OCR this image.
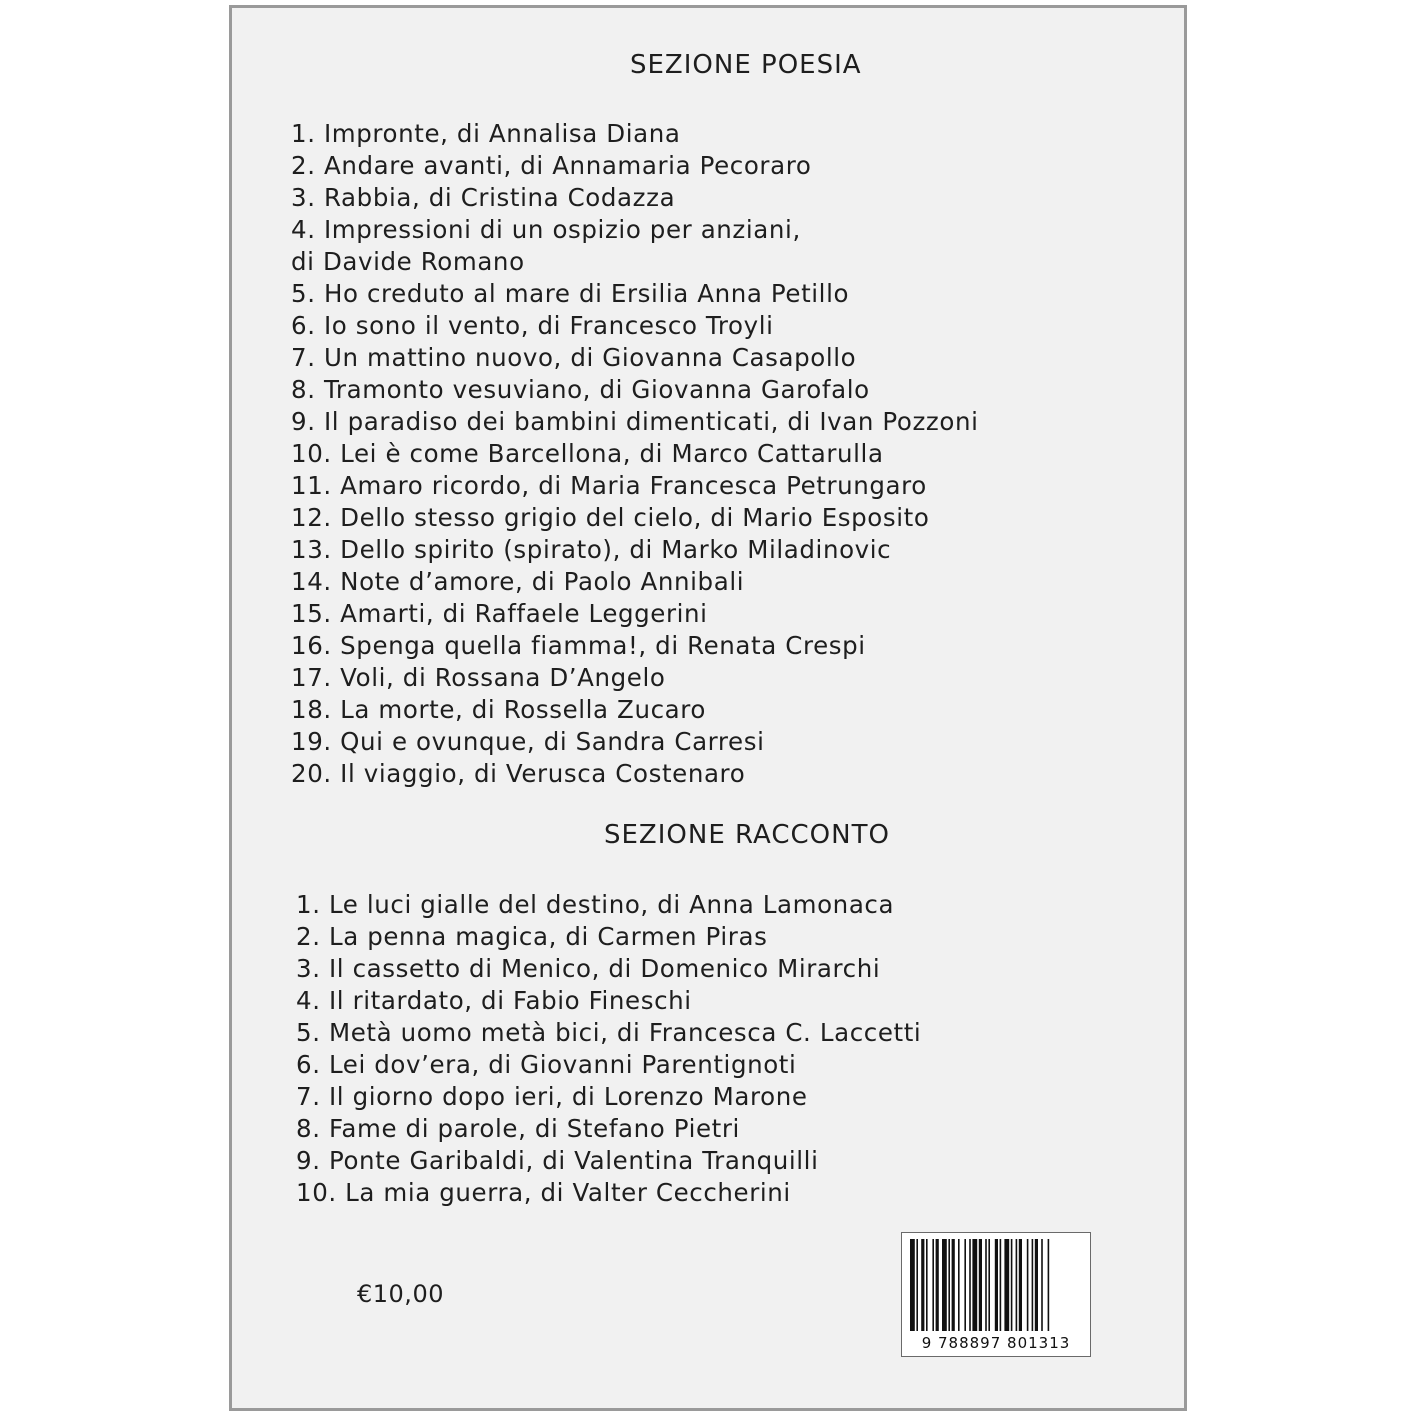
SEZIONE POESIA
1. Impronte, di Annalisa Diana
2. Andare avanti, di Annamaria Pecoraro
3. Rabbia, di Cristina Codazza
4. Impressioni di un ospizio per anziani,
di Davide Romano
5. Ho creduto al mare di Ersilia Anna Petillo
6. Io sono il vento, di Francesco Troyli
7. Un mattino nuovo, di Giovanna Casapollo
8. Tramonto vesuviano, di Giovanna Garofalo
9. Il paradiso dei bambini dimenticati, di Ivan Pozzoni
10. Lei è come Barcellona, di Marco Cattarulla
11. Amaro ricordo, di Maria Francesca Petrungaro
12. Dello stesso grigio del cielo, di Mario Esposito
13. Dello spirito (spirato), di Marko Miladinovic
14. Note d’amore, di Paolo Annibali
15. Amarti, di Raffaele Leggerini
16. Spenga quella fiamma!, di Renata Crespi
17. Voli, di Rossana D’Angelo
18. La morte, di Rossella Zucaro
19. Qui e ovunque, di Sandra Carresi
20. Il viaggio, di Verusca Costenaro
SEZIONE RACCONTO
1. Le luci gialle del destino, di Anna Lamonaca
2. La penna magica, di Carmen Piras
3. Il cassetto di Menico, di Domenico Mirarchi
4. Il ritardato, di Fabio Fineschi
5. Metà uomo metà bici, di Francesca C. Laccetti
6. Lei dov’era, di Giovanni Parentignoti
7. Il giorno dopo ieri, di Lorenzo Marone
8. Fame di parole, di Stefano Pietri
9. Ponte Garibaldi, di Valentina Tranquilli
10. La mia guerra, di Valter Ceccherini

€10,00

9 788897 801313
